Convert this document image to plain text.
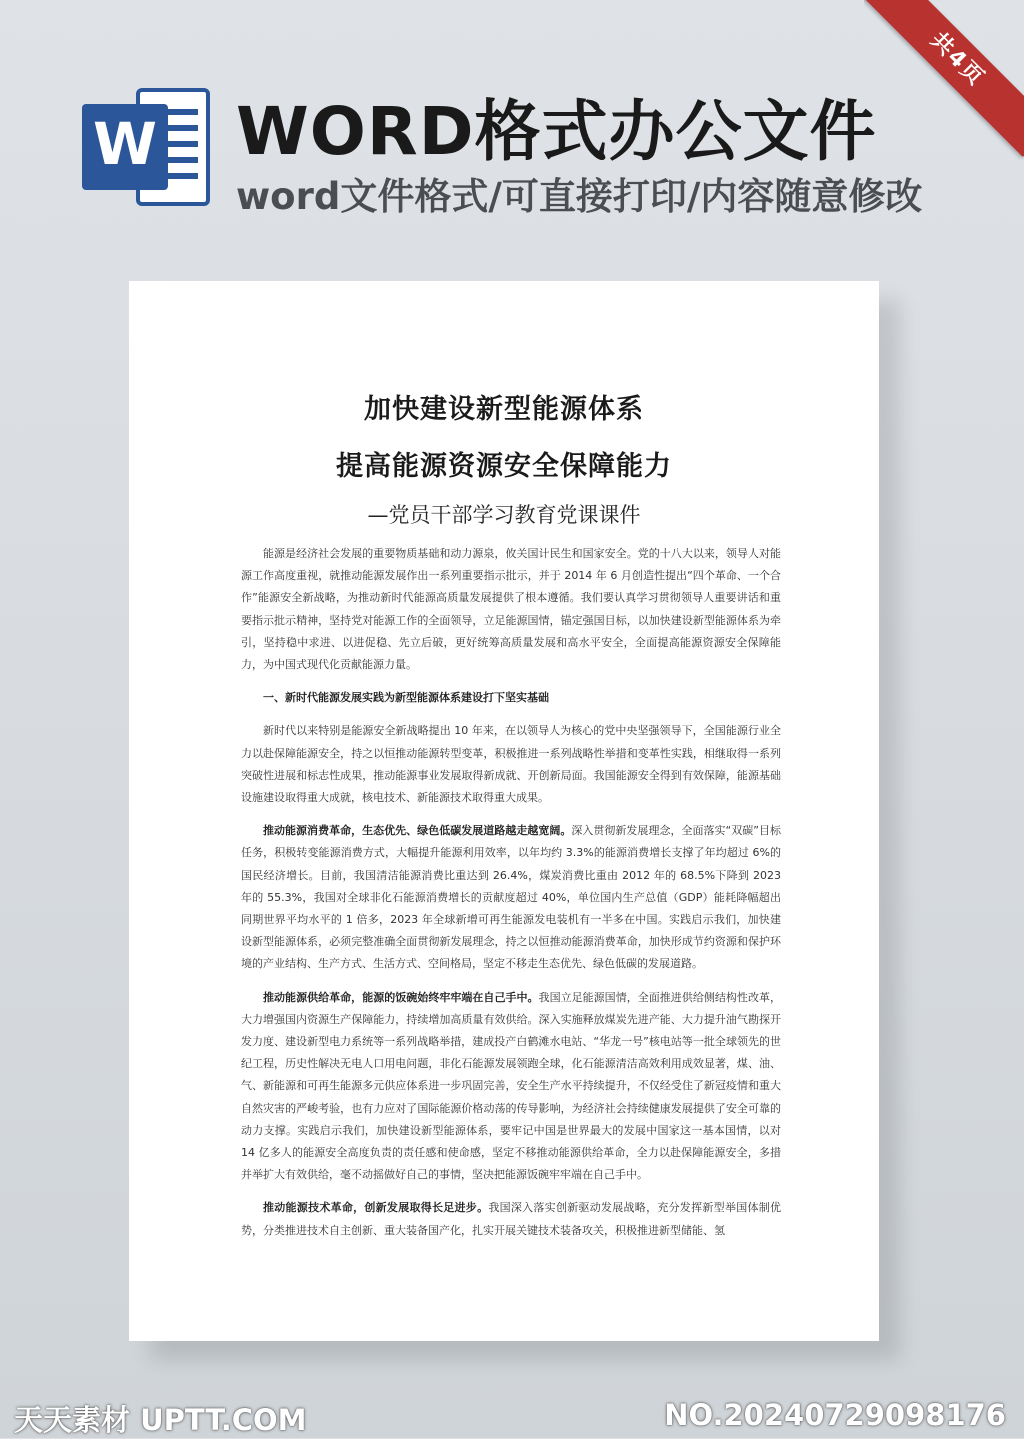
共4页
W WORD格式办公文件
word文件格式/可直接打印/内容随意修改
加快建设新型能源体系
提高能源资源安全保障能力
—党员干部学习教育党课课件

能源是经济社会发展的重要物质基础和动力源泉，攸关国计民生和国家安全。党的十八大以来，领导人对能源工作高度重视，就推动能源发展作出一系列重要指示批示，并于 2014 年 6 月创造性提出“四个革命、一个合作”能源安全新战略，为推动新时代能源高质量发展提供了根本遵循。我们要认真学习贯彻领导人重要讲话和重要指示批示精神，坚持党对能源工作的全面领导，立足能源国情，锚定强国目标，以加快建设新型能源体系为牵引，坚持稳中求进、以进促稳、先立后破，更好统筹高质量发展和高水平安全，全面提高能源资源安全保障能力，为中国式现代化贡献能源力量。

一、新时代能源发展实践为新型能源体系建设打下坚实基础

新时代以来特别是能源安全新战略提出 10 年来，在以领导人为核心的党中央坚强领导下，全国能源行业全力以赴保障能源安全，持之以恒推动能源转型变革，积极推进一系列战略性举措和变革性实践，相继取得一系列突破性进展和标志性成果，推动能源事业发展取得新成就、开创新局面。我国能源安全得到有效保障，能源基础设施建设取得重大成就，核电技术、新能源技术取得重大成果。

推动能源消费革命，生态优先、绿色低碳发展道路越走越宽阔。深入贯彻新发展理念，全面落实“双碳”目标任务，积极转变能源消费方式，大幅提升能源利用效率，以年均约 3.3%的能源消费增长支撑了年均超过 6%的国民经济增长。目前，我国清洁能源消费比重达到 26.4%，煤炭消费比重由 2012 年的 68.5%下降到 2023 年的 55.3%，我国对全球非化石能源消费增长的贡献度超过 40%，单位国内生产总值（GDP）能耗降幅超出同期世界平均水平的 1 倍多，2023 年全球新增可再生能源发电装机有一半多在中国。实践启示我们，加快建设新型能源体系，必须完整准确全面贯彻新发展理念，持之以恒推动能源消费革命，加快形成节约资源和保护环境的产业结构、生产方式、生活方式、空间格局，坚定不移走生态优先、绿色低碳的发展道路。

推动能源供给革命，能源的饭碗始终牢牢端在自己手中。我国立足能源国情，全面推进供给侧结构性改革，大力增强国内资源生产保障能力，持续增加高质量有效供给。深入实施释放煤炭先进产能、大力提升油气勘探开发力度、建设新型电力系统等一系列战略举措，建成投产白鹤滩水电站、“华龙一号”核电站等一批全球领先的世纪工程，历史性解决无电人口用电问题，非化石能源发展领跑全球，化石能源清洁高效利用成效显著，煤、油、气、新能源和可再生能源多元供应体系进一步巩固完善，安全生产水平持续提升，不仅经受住了新冠疫情和重大自然灾害的严峻考验，也有力应对了国际能源价格动荡的传导影响，为经济社会持续健康发展提供了安全可靠的动力支撑。实践启示我们，加快建设新型能源体系，要牢记中国是世界最大的发展中国家这一基本国情，以对 14 亿多人的能源安全高度负责的责任感和使命感，坚定不移推动能源供给革命，全力以赴保障能源安全，多措并举扩大有效供给，毫不动摇做好自己的事情，坚决把能源饭碗牢牢端在自己手中。

推动能源技术革命，创新发展取得长足进步。我国深入落实创新驱动发展战略，充分发挥新型举国体制优势，分类推进技术自主创新、重大装备国产化，扎实开展关键技术装备攻关，积极推进新型储能、氢

天天素材 UPTT.COM	NO.20240729098176
